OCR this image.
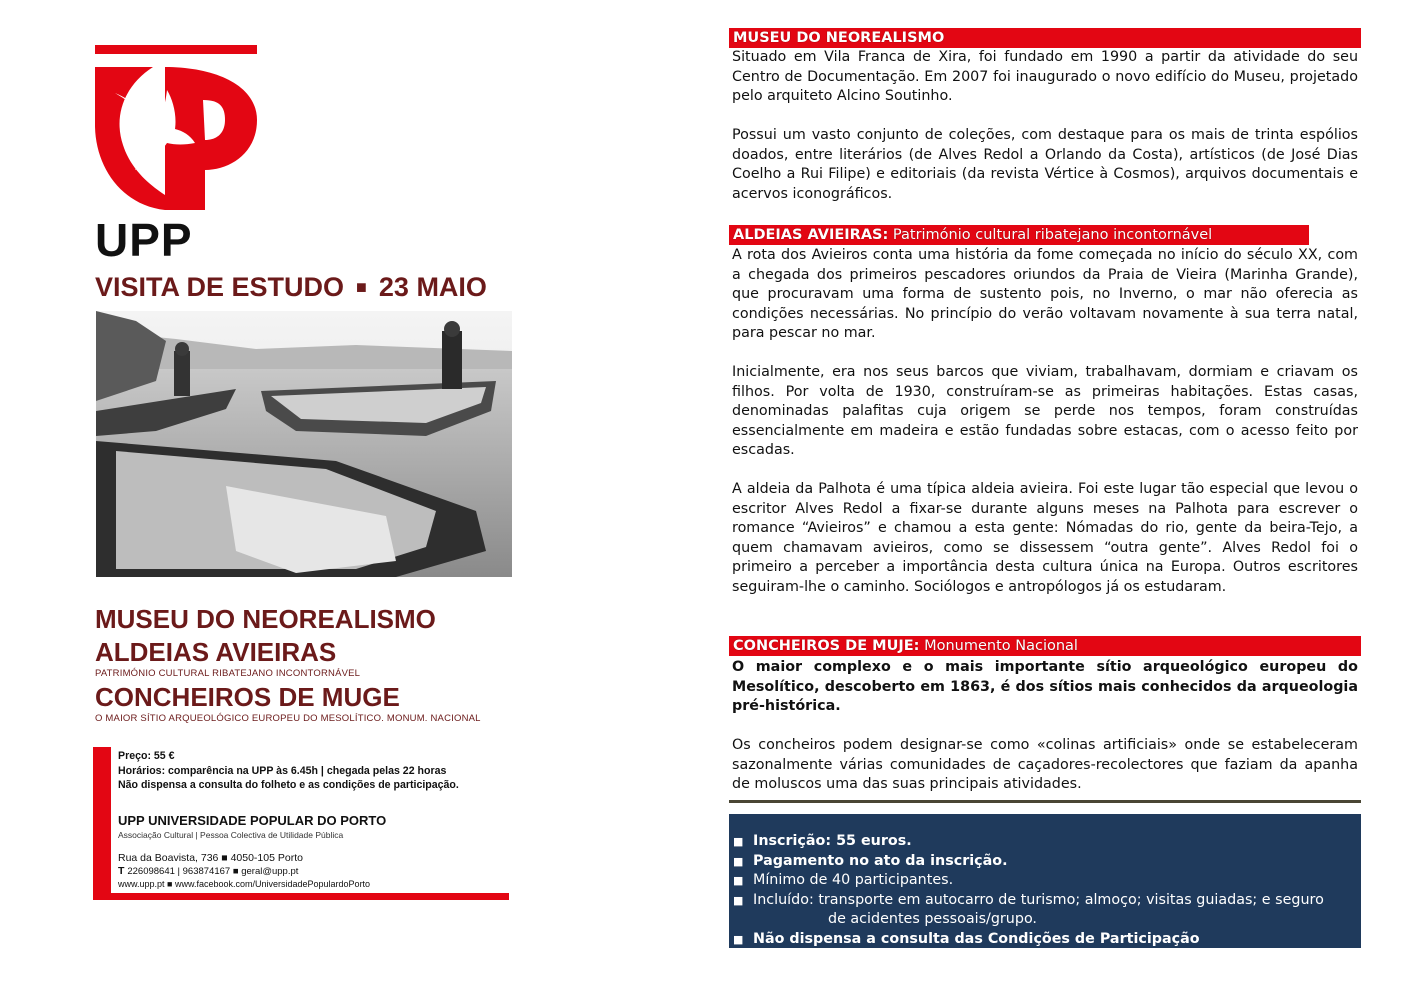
UPP
VISITA DE ESTUDO ■ 23 MAIO
MUSEU DO NEOREALISMO
ALDEIAS AVIEIRAS
PATRIMÓNIO CULTURAL RIBATEJANO INCONTORNÁVEL
CONCHEIROS DE MUGE
O MAIOR SÍTIO ARQUEOLÓGICO EUROPEU DO MESOLÍTICO. MONUM. NACIONAL
Preço: 55 €
Horários: comparência na UPP às 6.45h | chegada pelas 22 horas
Não dispensa a consulta do folheto e as condições de participação.
UPP UNIVERSIDADE POPULAR DO PORTO
Associação Cultural | Pessoa Colectiva de Utilidade Pública
Rua da Boavista, 736 ■ 4050-105 Porto
T 226098641 | 963874167 ■ geral@upp.pt
www.upp.pt ■ www.facebook.com/UniversidadePopulardoPorto
MUSEU DO NEOREALISMO

Situado em Vila Franca de Xira, foi fundado em 1990 a partir da atividade do seu Centro de Documentação. Em 2007 foi inaugurado o novo edifício do Museu, projetado pelo arquiteto Alcino Soutinho.

Possui um vasto conjunto de coleções, com destaque para os mais de trinta espólios doados, entre literários (de Alves Redol a Orlando da Costa), artísticos (de José Dias Coelho a Rui Filipe) e editoriais (da revista Vértice à Cosmos), arquivos documentais e acervos iconográficos.

ALDEIAS AVIEIRAS: Património cultural ribatejano incontornável

A rota dos Avieiros conta uma história da fome começada no início do século XX, com a chegada dos primeiros pescadores oriundos da Praia de Vieira (Marinha Grande), que procuravam uma forma de sustento pois, no Inverno, o mar não oferecia as condições necessárias. No princípio do verão voltavam novamente à sua terra natal, para pescar no mar.

Inicialmente, era nos seus barcos que viviam, trabalhavam, dormiam e criavam os filhos. Por volta de 1930, construíram-se as primeiras habitações. Estas casas, denominadas palafitas cuja origem se perde nos tempos, foram construídas essencialmente em madeira e estão fundadas sobre estacas, com o acesso feito por escadas.

A aldeia da Palhota é uma típica aldeia avieira. Foi este lugar tão especial que levou o escritor Alves Redol a fixar-se durante alguns meses na Palhota para escrever o romance “Avieiros” e chamou a esta gente: Nómadas do rio, gente da beira-Tejo, a quem chamavam avieiros, como se dissessem “outra gente”. Alves Redol foi o primeiro a perceber a importância desta cultura única na Europa. Outros escritores seguiram-lhe o caminho. Sociólogos e antropólogos já os estudaram.

CONCHEIROS DE MUJE: Monumento Nacional

O maior complexo e o mais importante sítio arqueológico europeu do Mesolítico, descoberto em 1863, é dos sítios mais conhecidos da arqueologia pré-histórica.

Os concheiros podem designar-se como «colinas artificiais» onde se estabeleceram sazonalmente várias comunidades de caçadores-recolectores que faziam da apanha de moluscos uma das suas principais atividades.

■ Inscrição: 55 euros.
■ Pagamento no ato da inscrição.
■ Mínimo de 40 participantes.
■ Incluído: transporte em autocarro de turismo; almoço; visitas guiadas; e seguro
de acidentes pessoais/grupo.
■ Não dispensa a consulta das Condições de Participação
